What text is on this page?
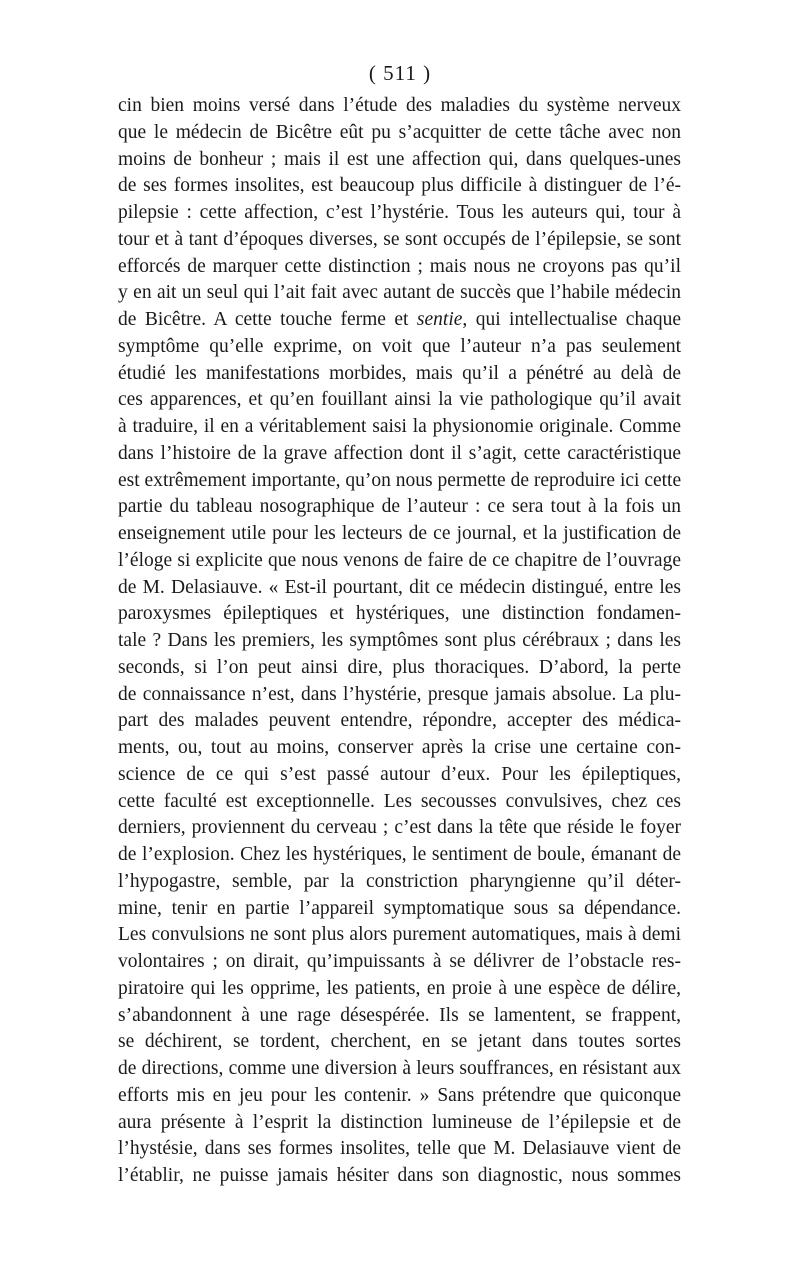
( 511 )
cin bien moins versé dans l’étude des maladies du système nerveux
que le médecin de Bicêtre eût pu s’acquitter de cette tâche avec non
moins de bonheur ; mais il est une affection qui, dans quelques-unes
de ses formes insolites, est beaucoup plus difficile à distinguer de l’é-
pilepsie : cette affection, c’est l’hystérie. Tous les auteurs qui, tour à
tour et à tant d’époques diverses, se sont occupés de l’épilepsie, se sont
efforcés de marquer cette distinction ; mais nous ne croyons pas qu’il
y en ait un seul qui l’ait fait avec autant de succès que l’habile médecin
de Bicêtre. A cette touche ferme et sentie, qui intellectualise chaque
symptôme qu’elle exprime, on voit que l’auteur n’a pas seulement
étudié les manifestations morbides, mais qu’il a pénétré au delà de
ces apparences, et qu’en fouillant ainsi la vie pathologique qu’il avait
à traduire, il en a véritablement saisi la physionomie originale. Comme
dans l’histoire de la grave affection dont il s’agit, cette caractéristique
est extrêmement importante, qu’on nous permette de reproduire ici cette
partie du tableau nosographique de l’auteur : ce sera tout à la fois un
enseignement utile pour les lecteurs de ce journal, et la justification de
l’éloge si explicite que nous venons de faire de ce chapitre de l’ouvrage
de M. Delasiauve. « Est-il pourtant, dit ce médecin distingué, entre les
paroxysmes épileptiques et hystériques, une distinction fondamen-
tale ? Dans les premiers, les symptômes sont plus cérébraux ; dans les
seconds, si l’on peut ainsi dire, plus thoraciques. D’abord, la perte
de connaissance n’est, dans l’hystérie, presque jamais absolue. La plu-
part des malades peuvent entendre, répondre, accepter des médica-
ments, ou, tout au moins, conserver après la crise une certaine con-
science de ce qui s’est passé autour d’eux. Pour les épileptiques,
cette faculté est exceptionnelle. Les secousses convulsives, chez ces
derniers, proviennent du cerveau ; c’est dans la tête que réside le foyer
de l’explosion. Chez les hystériques, le sentiment de boule, émanant de
l’hypogastre, semble, par la constriction pharyngienne qu’il déter-
mine, tenir en partie l’appareil symptomatique sous sa dépendance.
Les convulsions ne sont plus alors purement automatiques, mais à demi
volontaires ; on dirait, qu’impuissants à se délivrer de l’obstacle res-
piratoire qui les opprime, les patients, en proie à une espèce de délire,
s’abandonnent à une rage désespérée. Ils se lamentent, se frappent,
se déchirent, se tordent, cherchent, en se jetant dans toutes sortes
de directions, comme une diversion à leurs souffrances, en résistant aux
efforts mis en jeu pour les contenir. » Sans prétendre que quiconque
aura présente à l’esprit la distinction lumineuse de l’épilepsie et de
l’hystésie, dans ses formes insolites, telle que M. Delasiauve vient de
l’établir, ne puisse jamais hésiter dans son diagnostic, nous sommes
